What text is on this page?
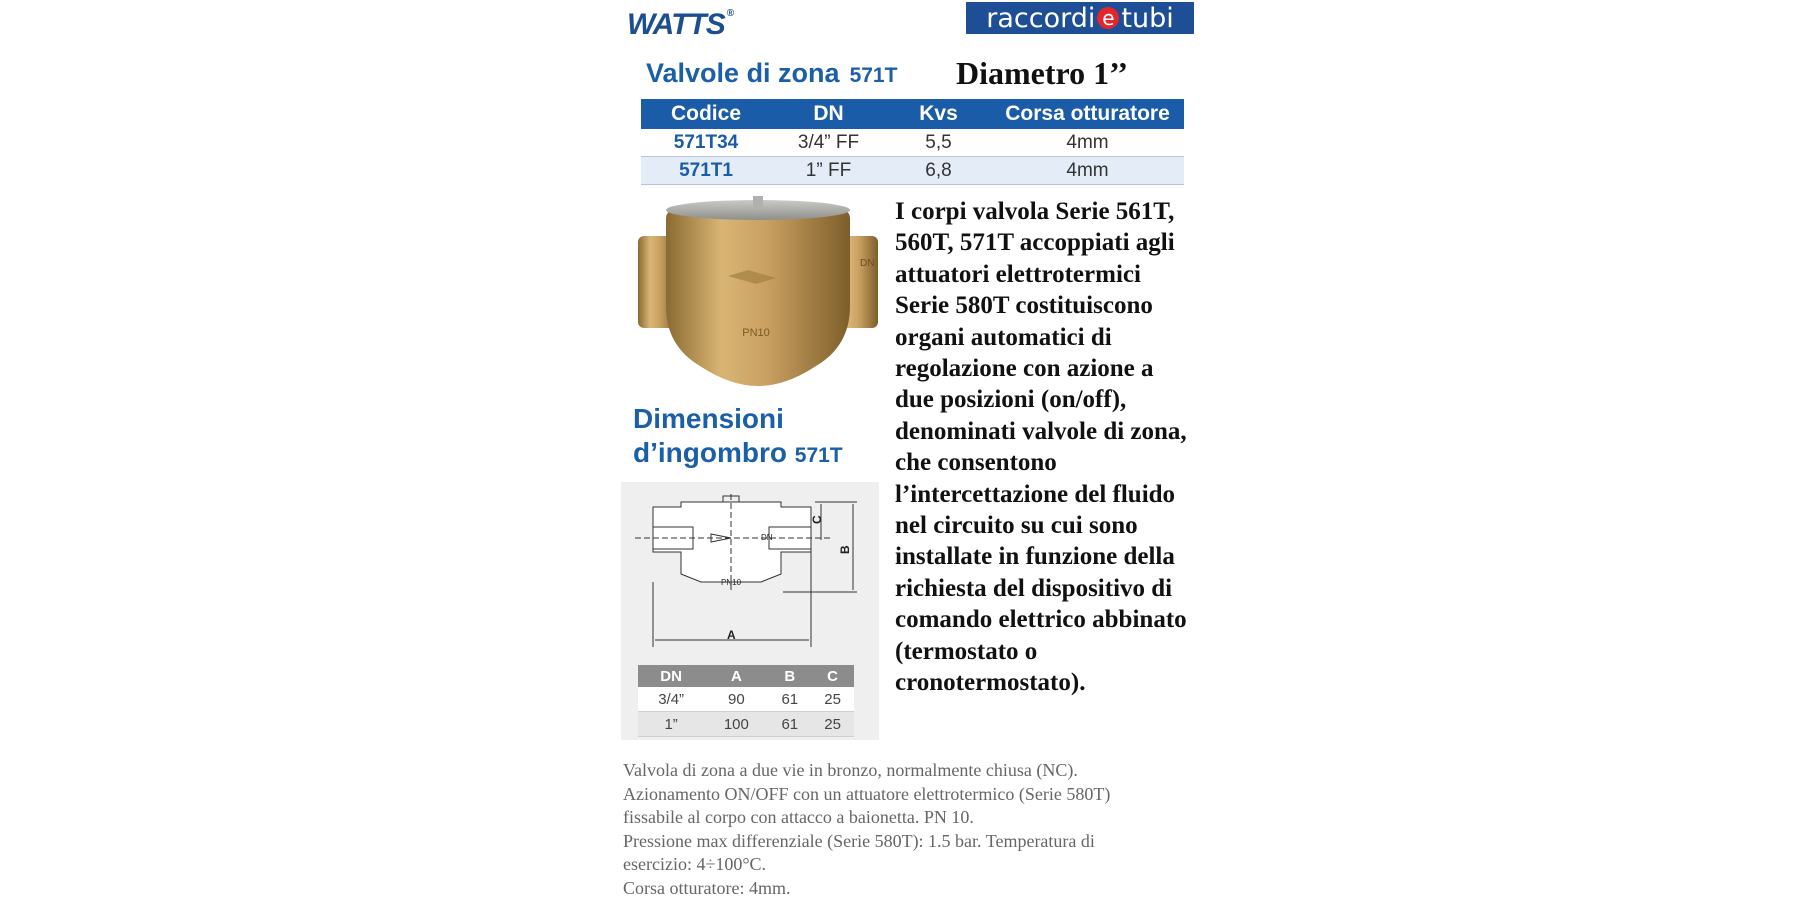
WATTS ®	raccordi e tubi
Valvole di zona 571T Diametro 1’’
Codice	DN	Kvs	Corsa otturatore
571T34	3/4” FF	5,5	4mm
571T1	1” FF	6,8	4mm
PN10
DN
Dimensioni
d’ingombro 571T
DN
PN10
A
B
C
DN	A	B	C
3/4”	90	61	25
1”	100	61	25
I corpi valvola Serie 561T, 560T, 571T accoppiati agli attuatori elettrotermici Serie 580T costituiscono organi automatici di regolazione con azione a due posizioni (on/off), denominati valvole di zona, che consentono l’intercettazione del fluido nel circuito su cui sono installate in funzione della richiesta del dispositivo di comando elettrico abbinato (termostato o cronotermostato).
Valvola di zona a due vie in bronzo, normalmente chiusa (NC).
Azionamento ON/OFF con un attuatore elettrotermico (Serie 580T)
fissabile al corpo con attacco a baionetta. PN 10.
Pressione max differenziale (Serie 580T): 1.5 bar. Temperatura di
esercizio: 4÷100°C.
Corsa otturatore: 4mm.
